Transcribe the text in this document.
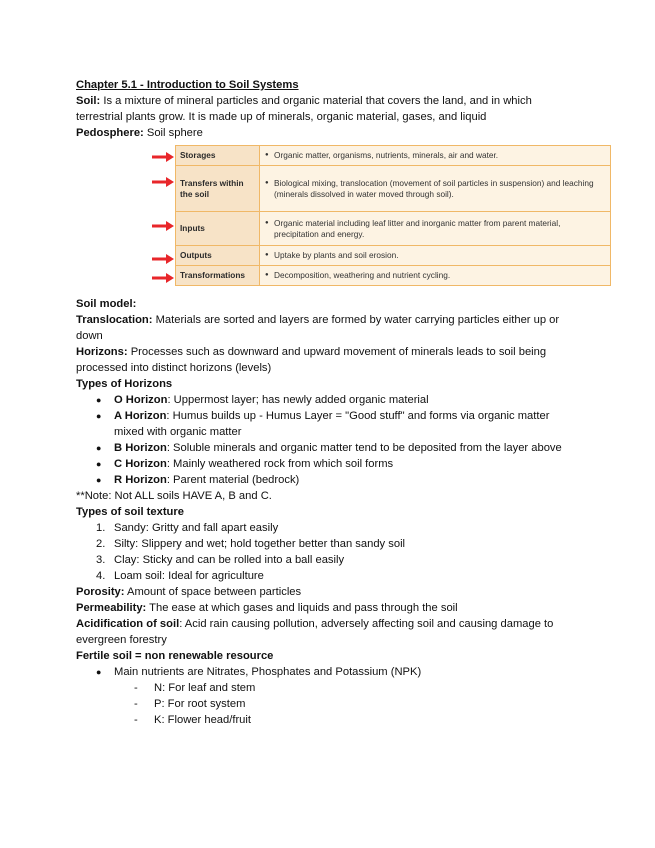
Chapter 5.1 - Introduction to Soil Systems

Soil: Is a mixture of mineral particles and organic material that covers the land, and in which terrestrial plants grow. It is made up of minerals, organic material, gases, and liquid

Pedosphere: Soil sphere

Storages	● Organic matter, organisms, nutrients, minerals, air and water.
Transfers within the soil	● Biological mixing, translocation (movement of soil particles in suspension) and leaching (minerals dissolved in water moved through soil).
Inputs	● Organic material including leaf litter and inorganic matter from parent material, precipitation and energy.
Outputs	● Uptake by plants and soil erosion.
Transformations	● Decomposition, weathering and nutrient cycling.

Soil model:

Translocation: Materials are sorted and layers are formed by water carrying particles either up or down

Horizons: Processes such as downward and upward movement of minerals leads to soil being processed into distinct horizons (levels)

Types of Horizons

● O Horizon: Uppermost layer; has newly added organic material
● A Horizon: Humus builds up - Humus Layer = "Good stuff" and forms via organic matter mixed with organic matter
● B Horizon: Soluble minerals and organic matter tend to be deposited from the layer above
● C Horizon: Mainly weathered rock from which soil forms
● R Horizon: Parent material (bedrock)

**Note: Not ALL soils HAVE A, B and C.

Types of soil texture

1. Sandy: Gritty and fall apart easily
2. Silty: Slippery and wet; hold together better than sandy soil
3. Clay: Sticky and can be rolled into a ball easily
4. Loam soil: Ideal for agriculture

Porosity: Amount of space between particles

Permeability: The ease at which gases and liquids and pass through the soil

Acidification of soil: Acid rain causing pollution, adversely affecting soil and causing damage to evergreen forestry

Fertile soil = non renewable resource

● Main nutrients are Nitrates, Phosphates and Potassium (NPK)
- N: For leaf and stem
- P: For root system
- K: Flower head/fruit
